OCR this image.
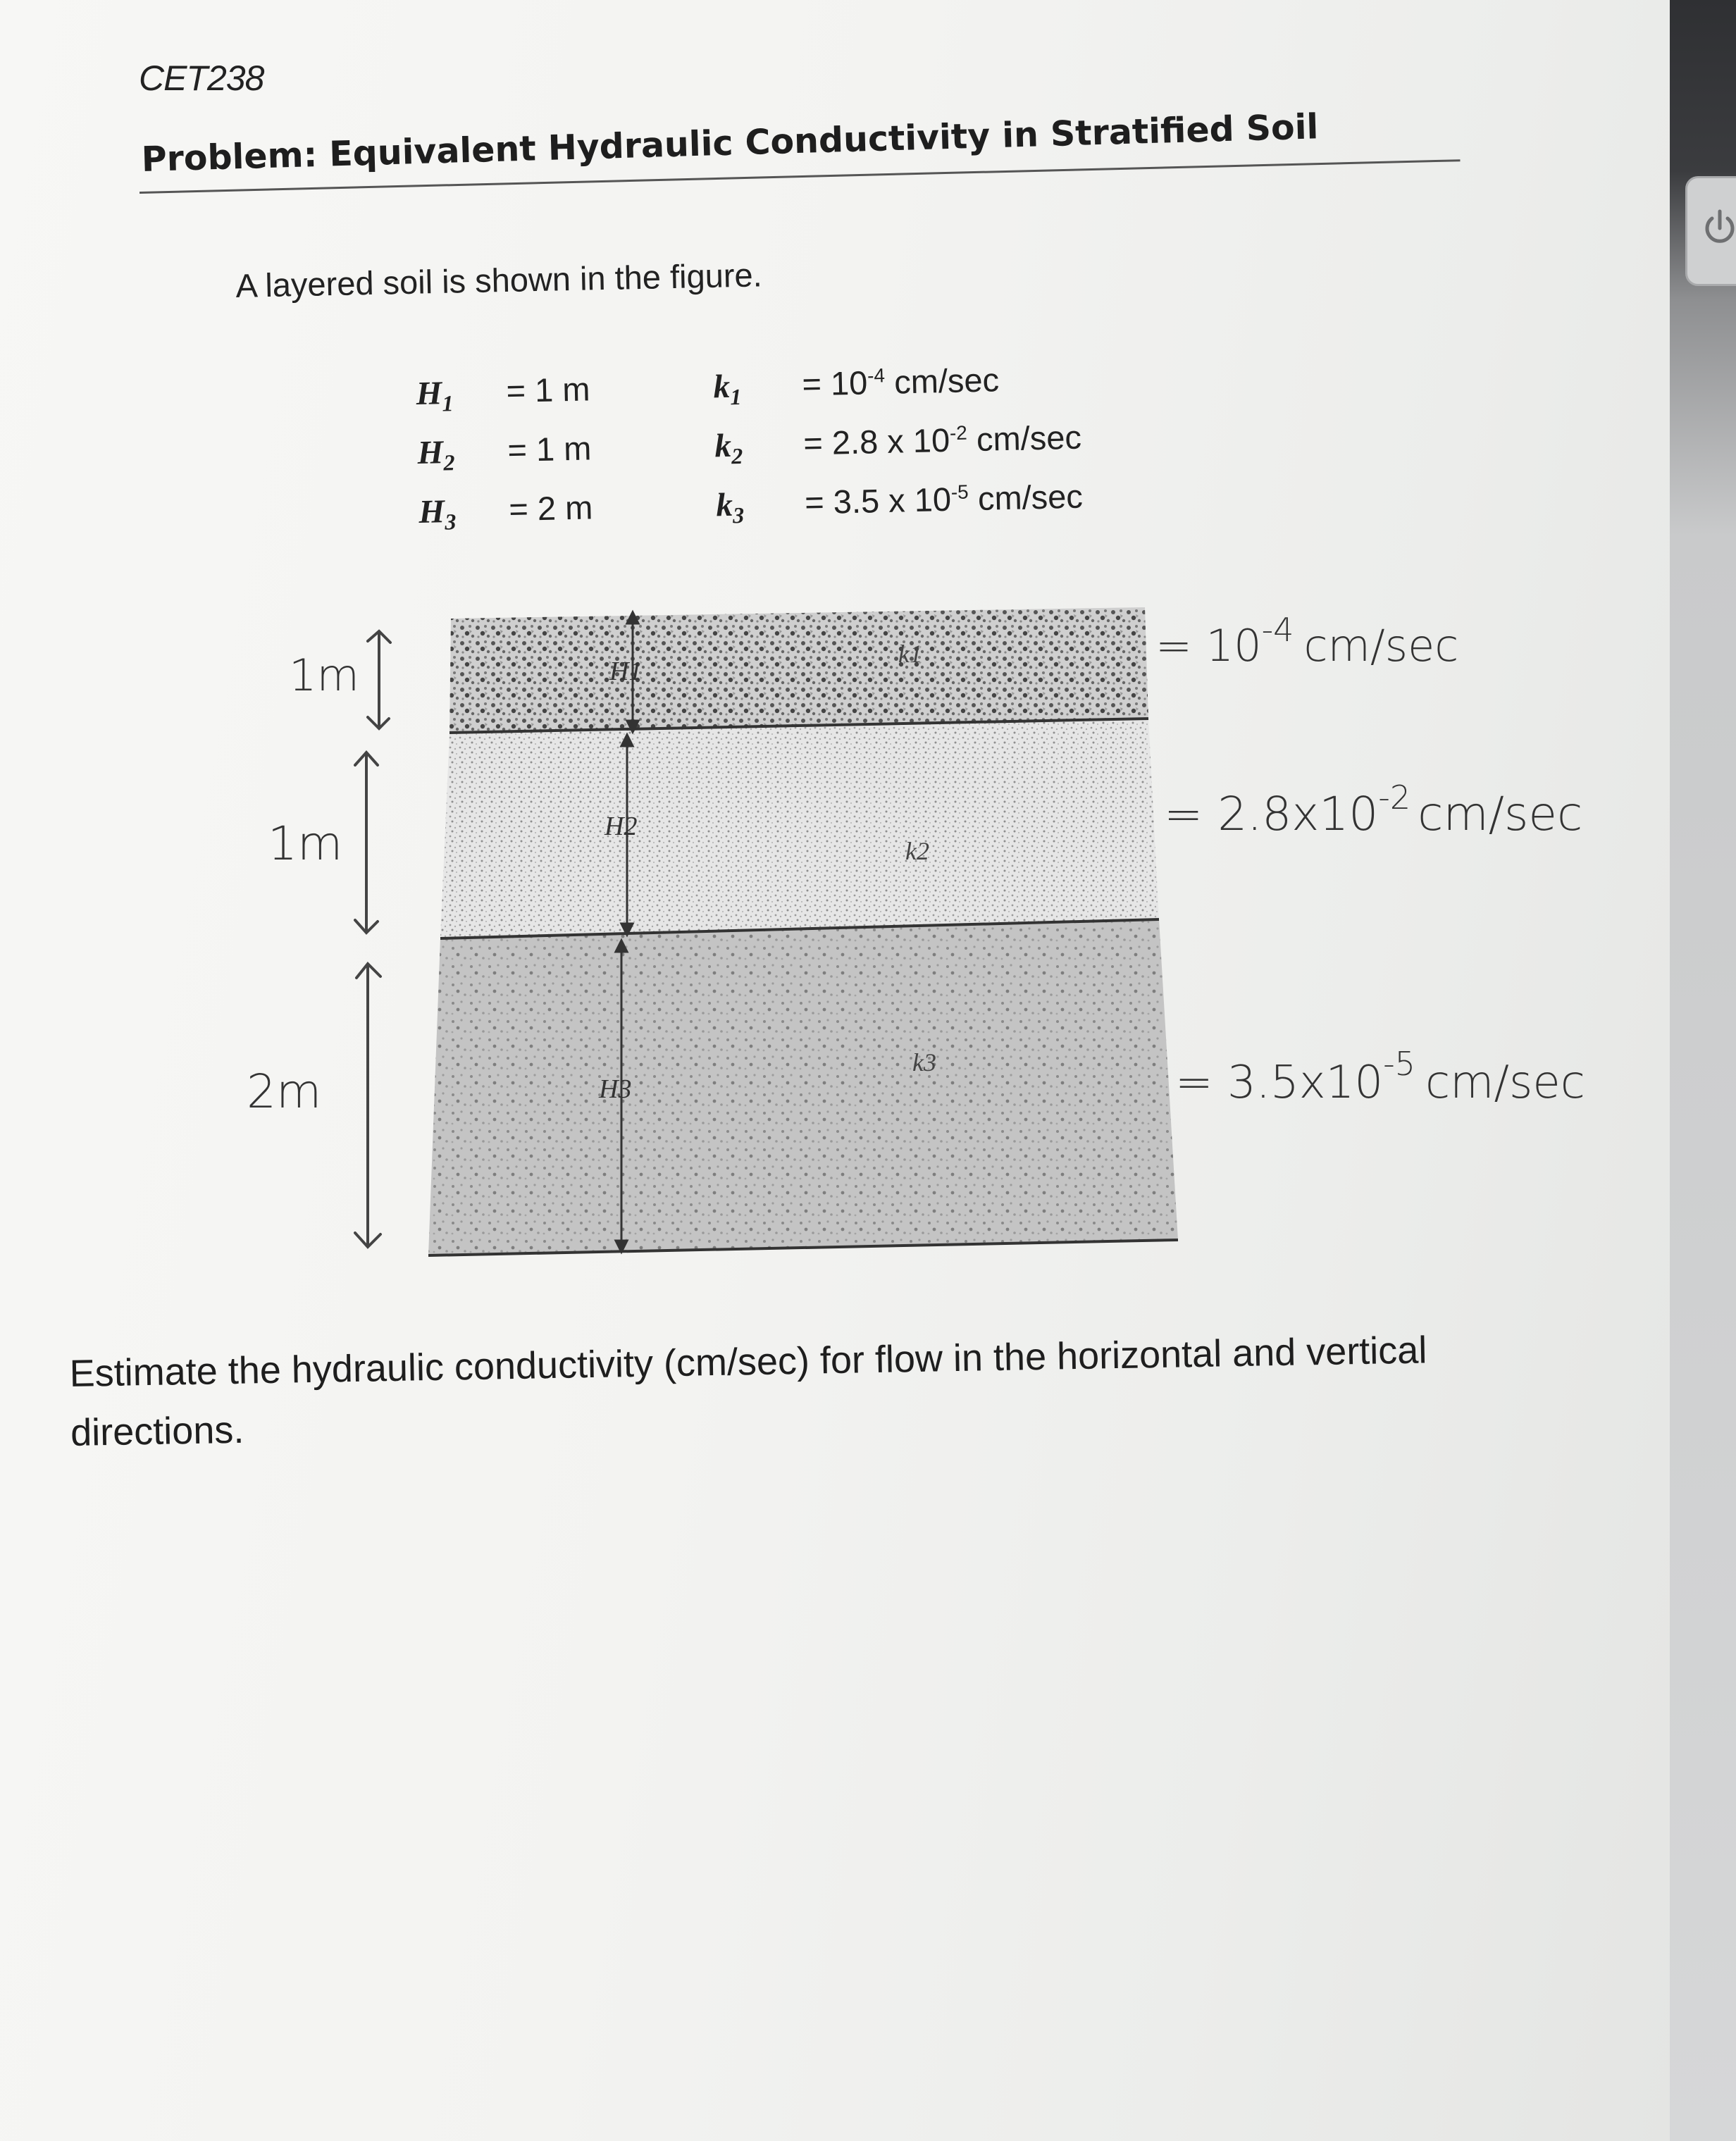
CET238
Problem: Equivalent Hydraulic Conductivity in Stratified Soil
A layered soil is shown in the figure.
$H_1 = 1$ m	$k_1 = 10^{-4}$ cm/sec
$H_2 = 1$ m	$k_2 = 2.8$ x $10^{-2}$ cm/sec
$H_3 = 2$ m	$k_3 = 3.5$ x $10^{-5}$ cm/sec
H1
H2
H3
k1
k2
k3
1m
1m
2m
= $10^{-4}$ cm/sec
= $2.8x10^{-2}$ cm/sec
= $3.5x10^{-5}$ cm/sec
Estimate the hydraulic conductivity (cm/sec) for flow in the horizontal and vertical directions.
